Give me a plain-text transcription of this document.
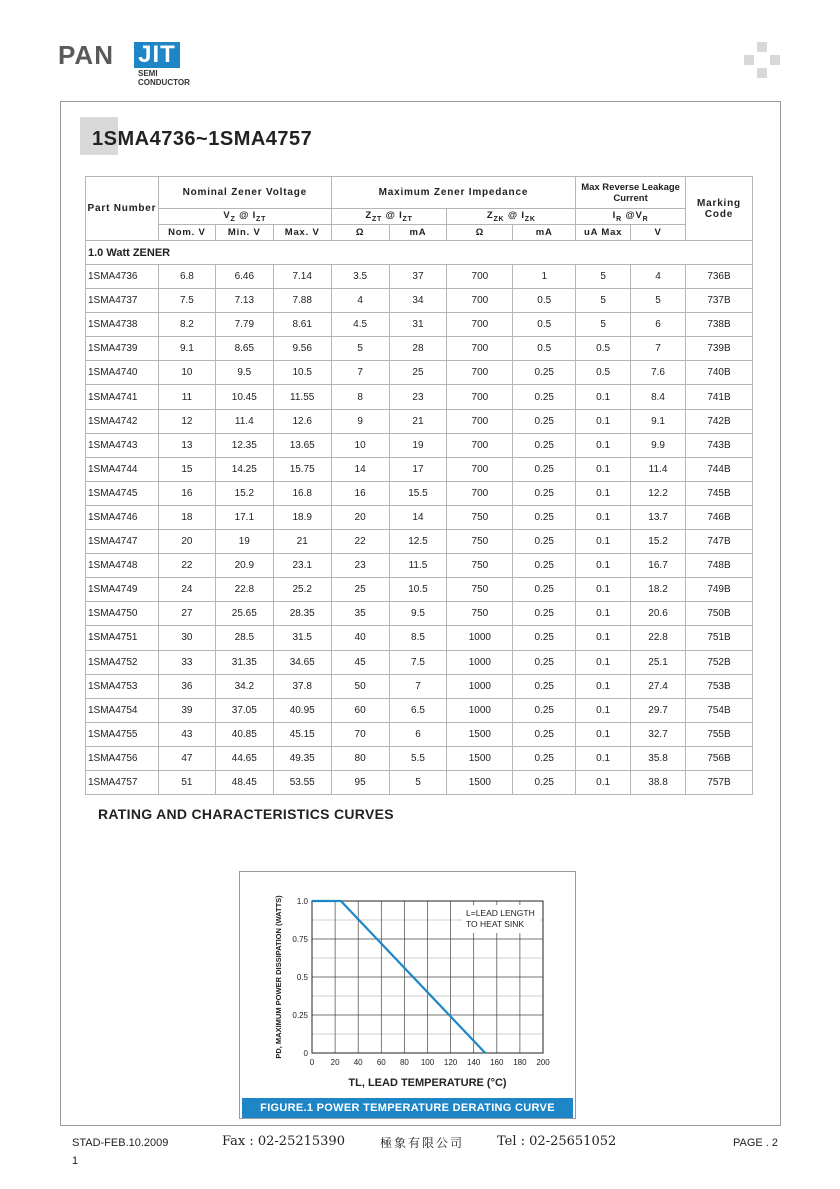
PAN JIT
SEMI
CONDUCTOR
1SMA4736~1SMA4757
Part Number	Nominal Zener Voltage			Maximum Zener Impedance				Max Reverse Leakage Current		Marking Code
	$V_Z$ @ $I_{ZT}$			$Z_{ZT}$ @ $I_{ZT}$		$Z_{ZK}$ @ $I_{ZK}$		$I_R$ $@V_R$
	Nom. V	Min. V	Max. V	Ω	mA	Ω	mA	uA Max	V	
1.0 Watt ZENER										
1SMA4736	6.8	6.46	7.14	3.5	37	700	1	5	4	736B
1SMA4737	7.5	7.13	7.88	4	34	700	0.5	5	5	737B
1SMA4738	8.2	7.79	8.61	4.5	31	700	0.5	5	6	738B
1SMA4739	9.1	8.65	9.56	5	28	700	0.5	0.5	7	739B
1SMA4740	10	9.5	10.5	7	25	700	0.25	0.5	7.6	740B
1SMA4741	11	10.45	11.55	8	23	700	0.25	0.1	8.4	741B
1SMA4742	12	11.4	12.6	9	21	700	0.25	0.1	9.1	742B
1SMA4743	13	12.35	13.65	10	19	700	0.25	0.1	9.9	743B
1SMA4744	15	14.25	15.75	14	17	700	0.25	0.1	11.4	744B
1SMA4745	16	15.2	16.8	16	15.5	700	0.25	0.1	12.2	745B
1SMA4746	18	17.1	18.9	20	14	750	0.25	0.1	13.7	746B
1SMA4747	20	19	21	22	12.5	750	0.25	0.1	15.2	747B
1SMA4748	22	20.9	23.1	23	11.5	750	0.25	0.1	16.7	748B
1SMA4749	24	22.8	25.2	25	10.5	750	0.25	0.1	18.2	749B
1SMA4750	27	25.65	28.35	35	9.5	750	0.25	0.1	20.6	750B
1SMA4751	30	28.5	31.5	40	8.5	1000	0.25	0.1	22.8	751B
1SMA4752	33	31.35	34.65	45	7.5	1000	0.25	0.1	25.1	752B
1SMA4753	36	34.2	37.8	50	7	1000	0.25	0.1	27.4	753B
1SMA4754	39	37.05	40.95	60	6.5	1000	0.25	0.1	29.7	754B
1SMA4755	43	40.85	45.15	70	6	1500	0.25	0.1	32.7	755B
1SMA4756	47	44.65	49.35	80	5.5	1500	0.25	0.1	35.8	756B
1SMA4757	51	48.45	53.55	95	5	1500	0.25	0.1	38.8	757B
RATING AND CHARACTERISTICS CURVES
0 20 40 60 80 100 120 140 160 180 200
0
0.25
0.5
0.75
1.0
L=LEAD LENGTH
TO HEAT SINK
TL, LEAD TEMPERATURE (°C)
PD, MAXIMUM POWER DISSIPATION (WATTS)
FIGURE.1 POWER TEMPERATURE DERATING CURVE
STAD-FEB.10.2009	Fax : 02-25215390	極象有限公司	Tel : 02-25651052	PAGE . 2
1
